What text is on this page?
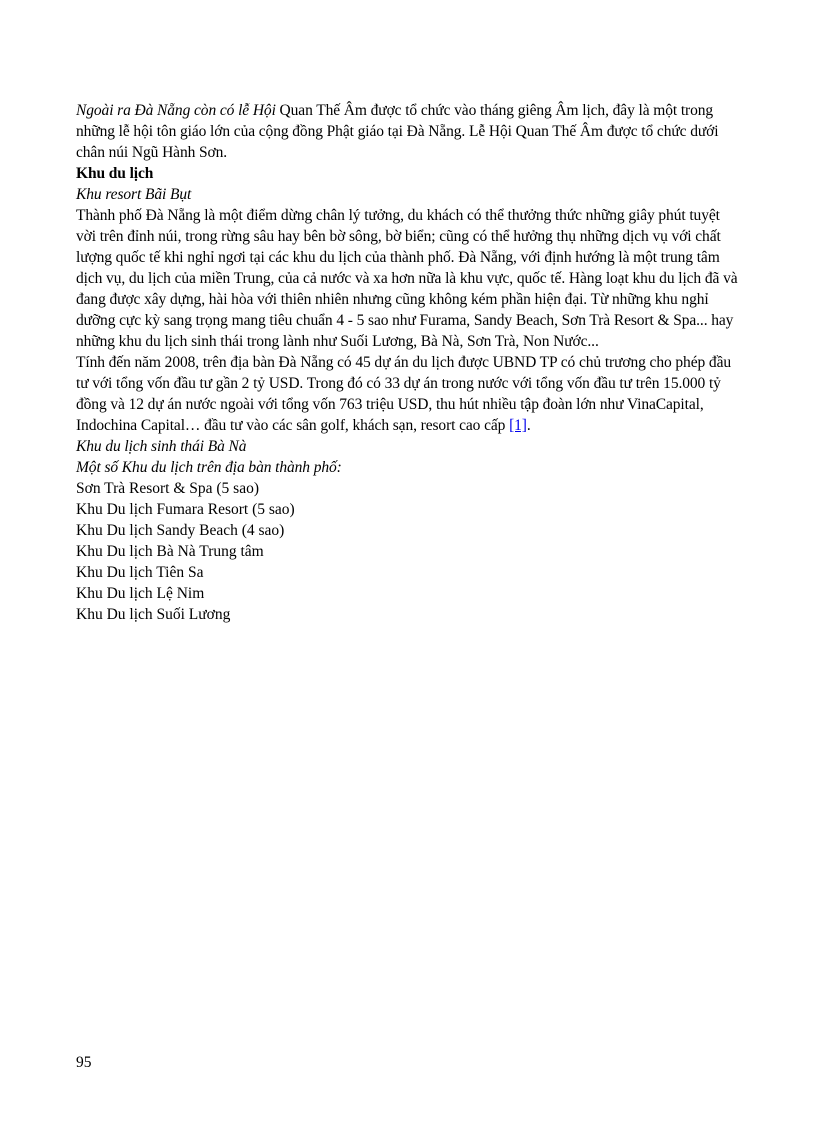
Ngoài ra Đà Nẵng còn có lễ Hội Quan Thế Âm được tổ chức vào tháng giêng Âm lịch, đây là một trong những lễ hội tôn giáo lớn của cộng đồng Phật giáo tại Đà Nẵng. Lễ Hội Quan Thế Âm được tổ chức dưới chân núi Ngũ Hành Sơn.

Khu du lịch

Khu resort Bãi Bụt

Thành phố Đà Nẵng là một điểm dừng chân lý tưởng, du khách có thể thưởng thức những giây phút tuyệt vời trên đỉnh núi, trong rừng sâu hay bên bờ sông, bờ biển; cũng có thể hưởng thụ những dịch vụ với chất lượng quốc tế khi nghỉ ngơi tại các khu du lịch của thành phố. Đà Nẵng, với định hướng là một trung tâm dịch vụ, du lịch của miền Trung, của cả nước và xa hơn nữa là khu vực, quốc tế. Hàng loạt khu du lịch đã và đang được xây dựng, hài hòa với thiên nhiên nhưng cũng không kém phần hiện đại. Từ những khu nghỉ dưỡng cực kỳ sang trọng mang tiêu chuẩn 4 - 5 sao như Furama, Sandy Beach, Sơn Trà Resort & Spa... hay những khu du lịch sinh thái trong lành như Suối Lương, Bà Nà, Sơn Trà, Non Nước...

Tính đến năm 2008, trên địa bàn Đà Nẵng có 45 dự án du lịch được UBND TP có chủ trương cho phép đầu tư với tổng vốn đầu tư gần 2 tỷ USD. Trong đó có 33 dự án trong nước với tổng vốn đầu tư trên 15.000 tỷ đồng và 12 dự án nước ngoài với tổng vốn 763 triệu USD, thu hút nhiều tập đoàn lớn như VinaCapital, Indochina Capital… đầu tư vào các sân golf, khách sạn, resort cao cấp [1].

Khu du lịch sinh thái Bà Nà

Một số Khu du lịch trên địa bàn thành phố:

Sơn Trà Resort & Spa (5 sao)
Khu Du lịch Fumara Resort (5 sao)
Khu Du lịch Sandy Beach (4 sao)
Khu Du lịch Bà Nà Trung tâm
Khu Du lịch Tiên Sa
Khu Du lịch Lệ Nim
Khu Du lịch Suối Lương
95
